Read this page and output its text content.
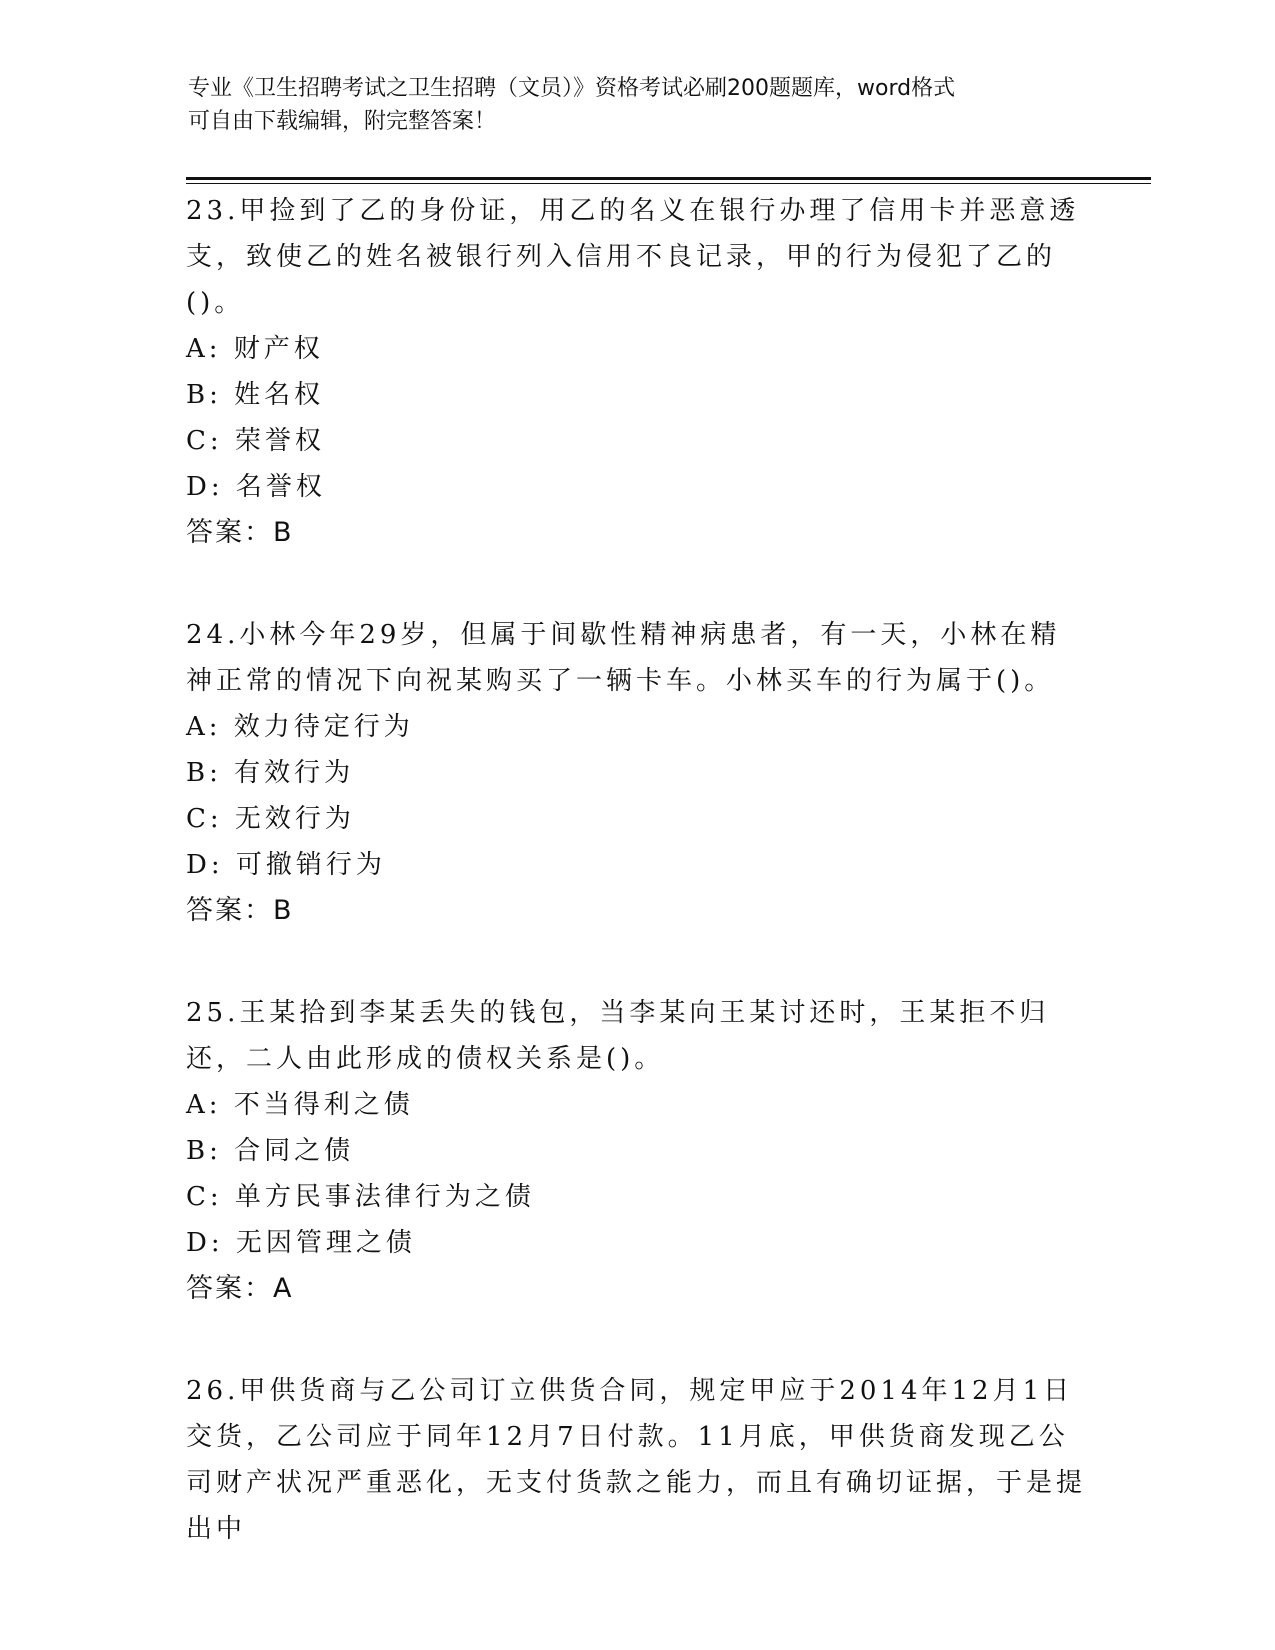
专业《卫生招聘考试之卫生招聘（文员）》资格考试必刷200题题库，word格式
可自由下载编辑，附完整答案！

23.甲捡到了乙的身份证，用乙的名义在银行办理了信用卡并恶意透支，致使乙的姓名被银行列入信用不良记录，甲的行为侵犯了乙的()。

A: 财产权

B: 姓名权

C: 荣誉权

D: 名誉权

答案：B

24.小林今年29岁，但属于间歇性精神病患者，有一天，小林在精神正常的情况下向祝某购买了一辆卡车。小林买车的行为属于()。

A: 效力待定行为

B: 有效行为

C: 无效行为

D: 可撤销行为

答案：B

25.王某拾到李某丢失的钱包，当李某向王某讨还时，王某拒不归还，二人由此形成的债权关系是()。

A: 不当得利之债

B: 合同之债

C: 单方民事法律行为之债

D: 无因管理之债

答案：A

26.甲供货商与乙公司订立供货合同，规定甲应于2014年12月1日交货，乙公司应于同年12月7日付款。11月底，甲供货商发现乙公司财产状况严重恶化，无支付货款之能力，而且有确切证据，于是提出中
